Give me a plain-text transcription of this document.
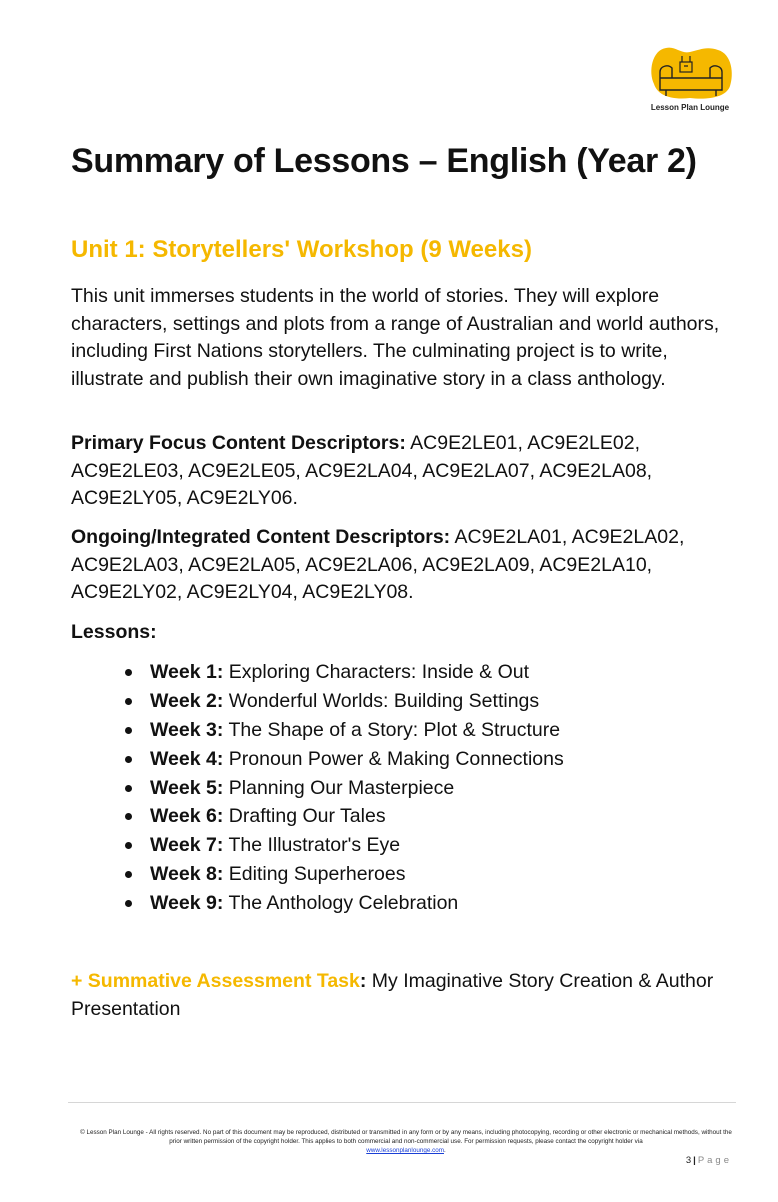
Lesson Plan Lounge
Summary of Lessons – English (Year 2)
Unit 1: Storytellers' Workshop (9 Weeks)

This unit immerses students in the world of stories. They will explore characters, settings and plots from a range of Australian and world authors, including First Nations storytellers. The culminating project is to write, illustrate and publish their own imaginative story in a class anthology.

Primary Focus Content Descriptors: AC9E2LE01, AC9E2LE02, AC9E2LE03, AC9E2LE05, AC9E2LA04, AC9E2LA07, AC9E2LA08, AC9E2LY05, AC9E2LY06.

Ongoing/Integrated Content Descriptors: AC9E2LA01, AC9E2LA02, AC9E2LA03, AC9E2LA05, AC9E2LA06, AC9E2LA09, AC9E2LA10, AC9E2LY02, AC9E2LY04, AC9E2LY08.

Lessons:

Week 1: Exploring Characters: Inside & Out
Week 2: Wonderful Worlds: Building Settings
Week 3: The Shape of a Story: Plot & Structure
Week 4: Pronoun Power & Making Connections
Week 5: Planning Our Masterpiece
Week 6: Drafting Our Tales
Week 7: The Illustrator's Eye
Week 8: Editing Superheroes
Week 9: The Anthology Celebration

+ Summative Assessment Task: My Imaginative Story Creation & Author Presentation

© Lesson Plan Lounge - All rights reserved. No part of this document may be reproduced, distributed or transmitted in any form or by any means, including photocopying, recording or other electronic or mechanical methods, without the prior written permission of the copyright holder. This applies to both commercial and non-commercial use. For permission requests, please contact the copyright holder via
www.lessonplanlounge.com.

3 | Page
